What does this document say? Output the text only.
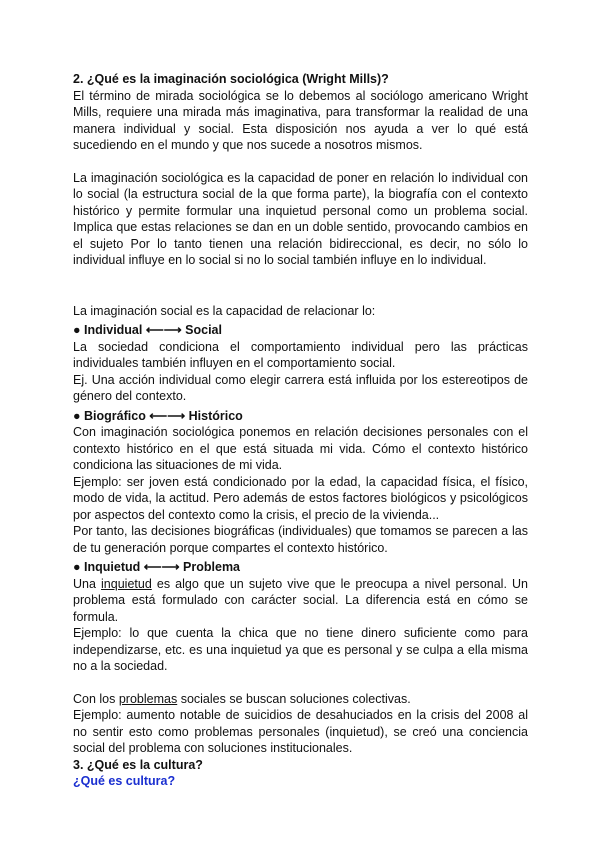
2. ¿Qué es la imaginación sociológica (Wright Mills)?

El término de mirada sociológica se lo debemos al sociólogo americano Wright Mills, requiere una mirada más imaginativa, para transformar la realidad de una manera individual y social. Esta disposición nos ayuda a ver lo qué está sucediendo en el mundo y que nos sucede a nosotros mismos.

La imaginación sociológica es la capacidad de poner en relación lo individual con lo social (la estructura social de la que forma parte), la biografía con el contexto histórico y permite formular una inquietud personal como un problema social. Implica que estas relaciones se dan en un doble sentido, provocando cambios en el sujeto Por lo tanto tienen una relación bidireccional, es decir, no sólo lo individual influye en lo social si no lo social también influye en lo individual.

La imaginación social es la capacidad de relacionar lo:

● Individual ⟵⟶ Social

La sociedad condiciona el comportamiento individual pero las prácticas individuales también influyen en el comportamiento social.

Ej. Una acción individual como elegir carrera está influida por los estereotipos de género del contexto.

● Biográfico ⟵⟶ Histórico

Con imaginación sociológica ponemos en relación decisiones personales con el contexto histórico en el que está situada mi vida. Cómo el contexto histórico condiciona las situaciones de mi vida.

Ejemplo: ser joven está condicionado por la edad, la capacidad física, el físico, modo de vida, la actitud. Pero además de estos factores biológicos y psicológicos por aspectos del contexto como la crisis, el precio de la vivienda...

Por tanto, las decisiones biográficas (individuales) que tomamos se parecen a las de tu generación porque compartes el contexto histórico.

● Inquietud ⟵⟶ Problema

Una inquietud es algo que un sujeto vive que le preocupa a nivel personal. Un problema está formulado con carácter social. La diferencia está en cómo se formula.

Ejemplo: lo que cuenta la chica que no tiene dinero suficiente como para independizarse, etc. es una inquietud ya que es personal y se culpa a ella misma no a la sociedad.

Con los problemas sociales se buscan soluciones colectivas.

Ejemplo: aumento notable de suicidios de desahuciados en la crisis del 2008 al no sentir esto como problemas personales (inquietud), se creó una conciencia social del problema con soluciones institucionales.

3. ¿Qué es la cultura?

¿Qué es cultura?
